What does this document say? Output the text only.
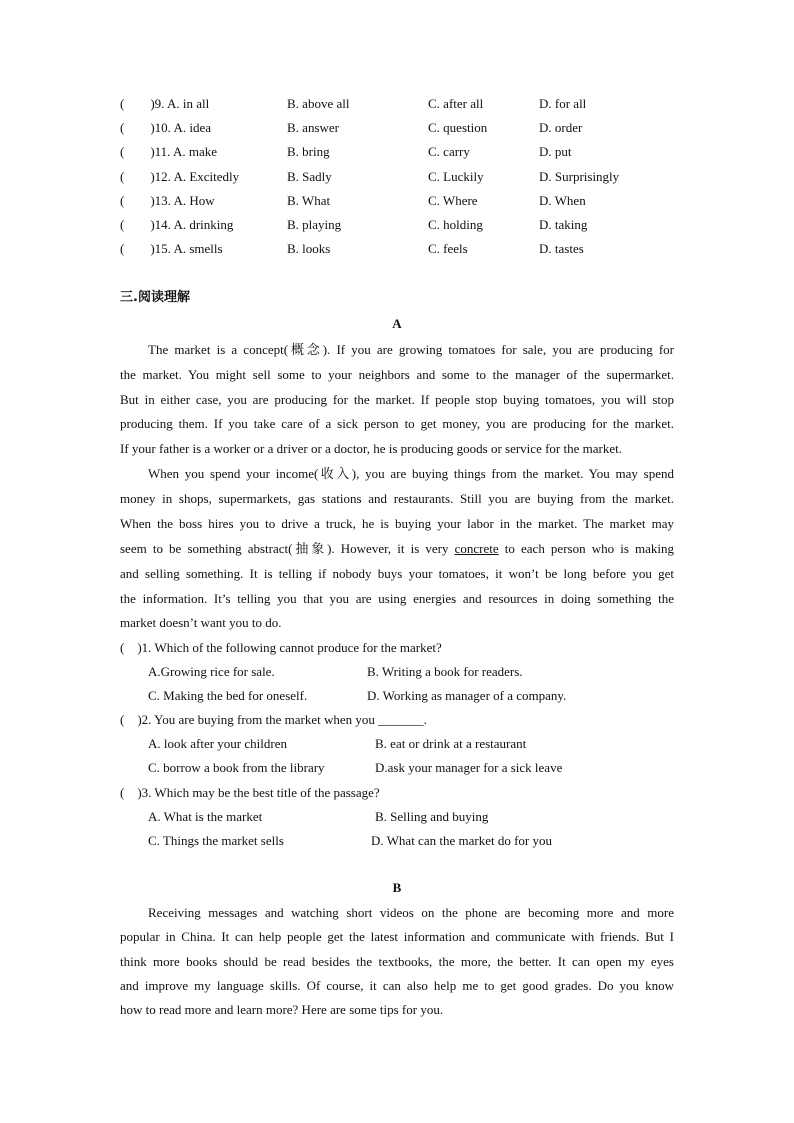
(        )9. A. in all	B. above all	C. after all	D. for all
(        )10. A. idea	B. answer	C. question	D. order
(        )11. A. make	B. bring	C. carry	D. put
(        )12. A. Excitedly	B. Sadly	C. Luckily	D. Surprisingly
(        )13. A. How	B. What	C. Where	D. When
(        )14. A. drinking	B. playing	C. holding	D. taking
(        )15. A. smells	B. looks	C. feels	D. tastes
三.阅读理解
A
The market is a concept(概念). If you are growing tomatoes for sale, you are producing for
the market. You might sell some to your neighbors and some to the manager of the supermarket.
But in either case, you are producing for the market. If people stop buying tomatoes, you will stop
producing them. If you take care of a sick person to get money, you are producing for the market.
If your father is a worker or a driver or a doctor, he is producing goods or service for the market.
When you spend your income(收入), you are buying things from the market. You may spend
money in shops, supermarkets, gas stations and restaurants. Still you are buying from the market.
When the boss hires you to drive a truck, he is buying your labor in the market. The market may
seem to be something abstract(抽象). However, it is very concrete to each person who is making
and selling something. It is telling if nobody buys your tomatoes, it won’t be long before you get
the information. It’s telling you that you are using energies and resources in doing something the
market doesn’t want you to do.
(    )1. Which of the following cannot produce for the market?
A.Growing rice for sale.	B. Writing a book for readers.
C. Making the bed for oneself.	D. Working as manager of a company.
(    )2. You are buying from the market when you _______.
A. look after your children	B. eat or drink at a restaurant
C. borrow a book from the library	D.ask your manager for a sick leave
(    )3. Which may be the best title of the passage?
A. What is the market	B. Selling and buying
C. Things the market sells	D. What can the market do for you
B
Receiving messages and watching short videos on the phone are becoming more and more
popular in China. It can help people get the latest information and communicate with friends. But I
think more books should be read besides the textbooks, the more, the better. It can open my eyes
and improve my language skills. Of course, it can also help me to get good grades. Do you know
how to read more and learn more? Here are some tips for you.
